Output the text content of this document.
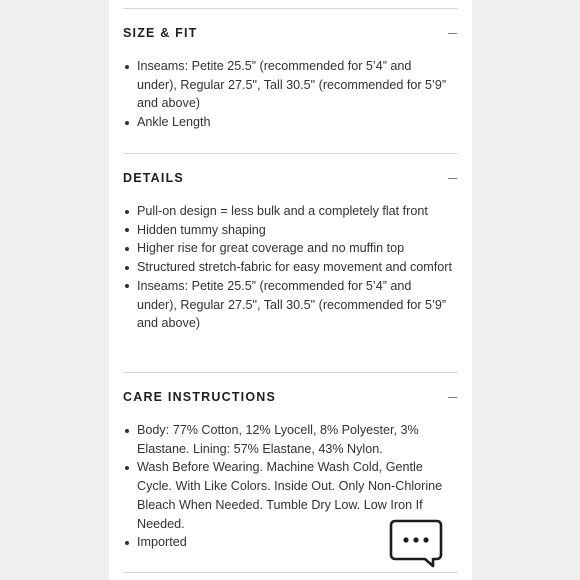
SIZE & FIT
Inseams: Petite 25.5” (recommended for 5’4” and under), Regular 27.5", Tall 30.5" (recommended for 5’9” and above)
Ankle Length
DETAILS
Pull-on design = less bulk and a completely flat front
Hidden tummy shaping
Higher rise for great coverage and no muffin top
Structured stretch-fabric for easy movement and comfort
Inseams: Petite 25.5” (recommended for 5’4” and under), Regular 27.5", Tall 30.5" (recommended for 5’9” and above)
CARE INSTRUCTIONS
Body: 77% Cotton, 12% Lyocell, 8% Polyester, 3% Elastane. Lining: 57% Elastane, 43% Nylon.
Wash Before Wearing. Machine Wash Cold, Gentle Cycle. With Like Colors. Inside Out. Only Non-Chlorine Bleach When Needed. Tumble Dry Low. Low Iron If Needed.
Imported
